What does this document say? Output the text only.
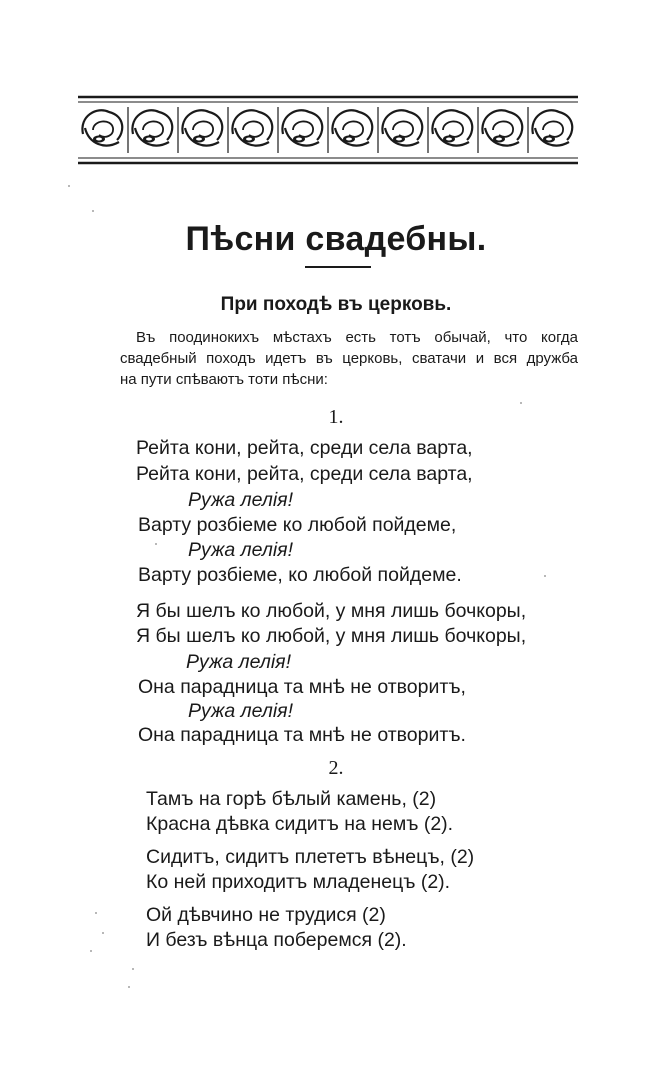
Пѣсни свадебны.
При походѣ въ церковь.
Въ поодинокихъ мѣстахъ есть тотъ обычай, что когда
свадебный походъ идетъ въ церковь, сватачи и вся дружба
на пути спѣваютъ тоти пѣсни:
1.
Рейта кони, рейта, среди села варта,
Рейта кони, рейта, среди села варта,
Ружа лелія!
Варту розбіеме ко любой пойдеме,
Ружа лелія!
Варту розбіеме, ко любой пойдеме.
Я бы шелъ ко любой, у мня лишь бочкоры,
Я бы шелъ ко любой, у мня лишь бочкоры,
Ружа лелія!
Она парадница та мнѣ не отворитъ,
Ружа лелія!
Она парадница та мнѣ не отворитъ.
2.
Тамъ на горѣ бѣлый камень, (2)
Красна дѣвка сидитъ на немъ (2).
Сидитъ, сидитъ плететъ вѣнецъ, (2)
Ко ней приходитъ младенецъ (2).
Ой дѣвчино не трудися (2)
И безъ вѣнца поберемся (2).
